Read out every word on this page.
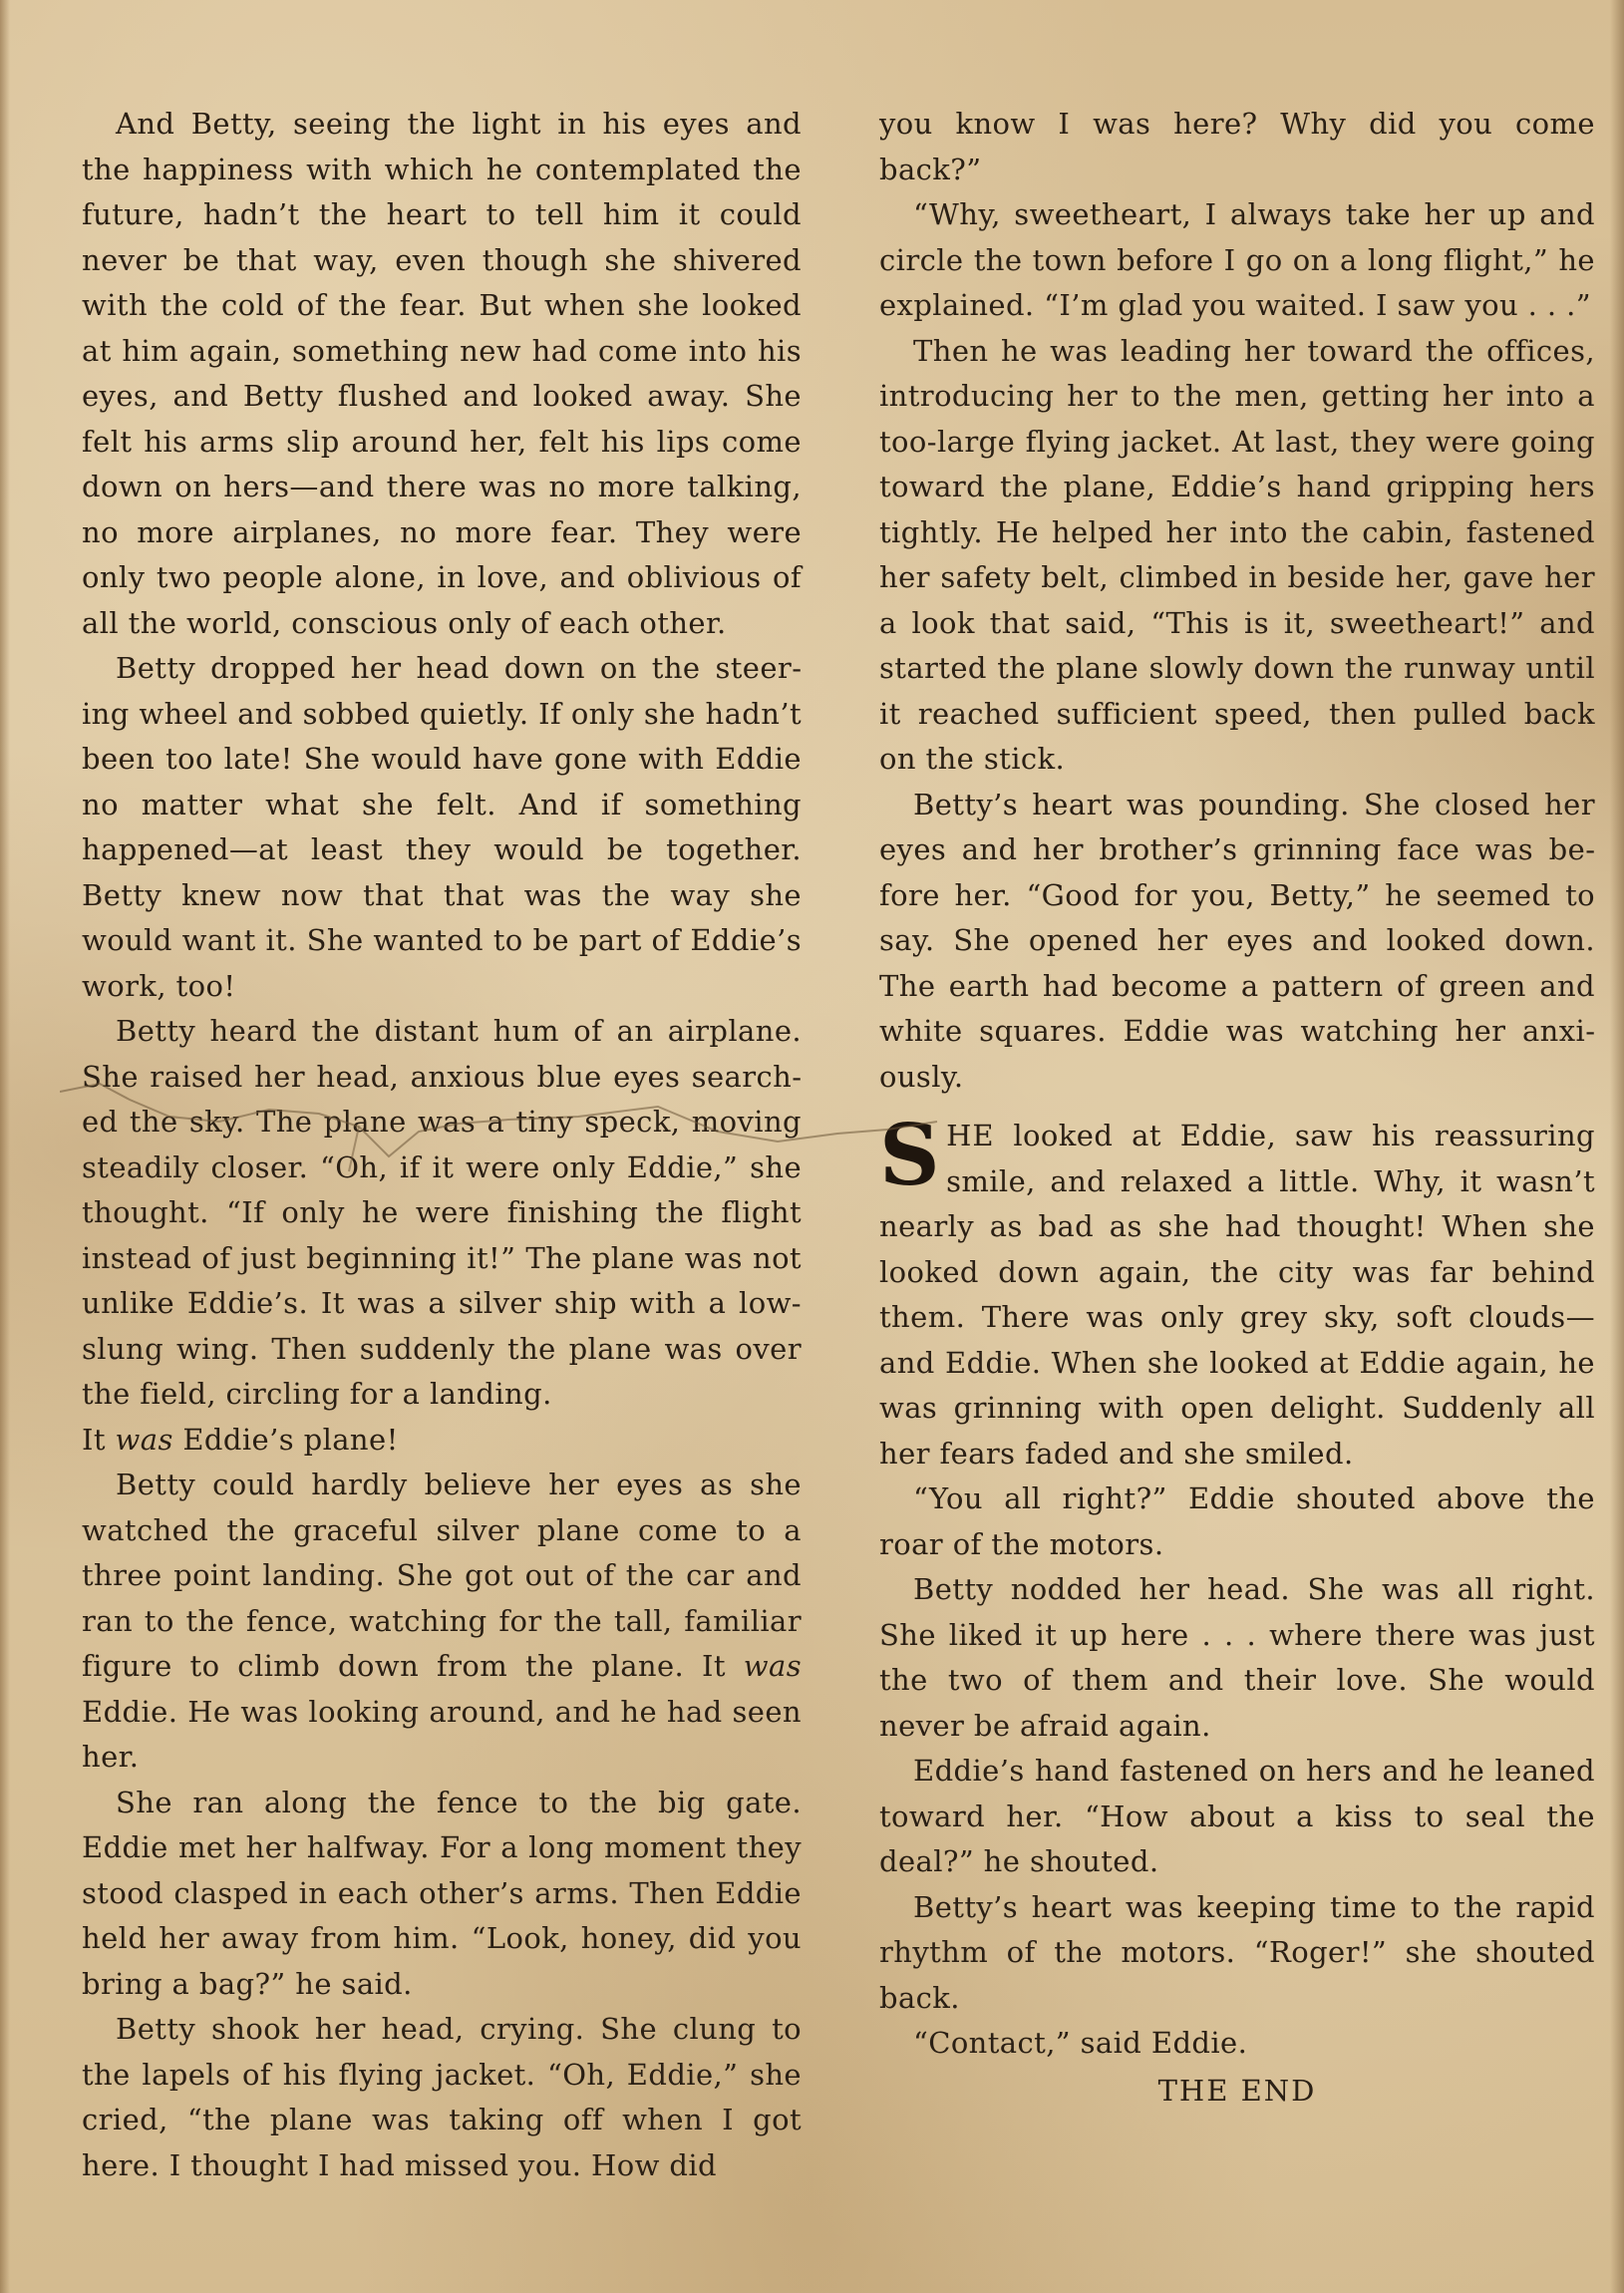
And Betty, seeing the light in his eyes and the happiness with which he contemplated the future, hadn’t the heart to tell him it could never be that way, even though she shivered with the cold of the fear. But when she looked at him again, something new had come into his eyes, and Betty flushed and looked away. She felt his arms slip around her, felt his lips come down on hers—and there was no more talking, no more airplanes, no more fear. They were only two people alone, in love, and oblivious of all the world, conscious only of each other.

Betty dropped her head down on the steering wheel and sobbed quietly. If only she hadn’t been too late! She would have gone with Eddie no matter what she felt. And if something happened—at least they would be together. Betty knew now that that was the way she would want it. She wanted to be part of Eddie’s work, too!

Betty heard the distant hum of an airplane. She raised her head, anxious blue eyes searched the sky. The plane was a tiny speck, moving steadily closer. “Oh, if it were only Eddie,” she thought. “If only he were finishing the flight instead of just beginning it!” The plane was not unlike Eddie’s. It was a silver ship with a low-slung wing. Then suddenly the plane was over the field, circling for a landing.
It was Eddie’s plane!

Betty could hardly believe her eyes as she watched the graceful silver plane come to a three point landing. She got out of the car and ran to the fence, watching for the tall, familiar figure to climb down from the plane. It was Eddie. He was looking around, and he had seen her.

She ran along the fence to the big gate. Eddie met her halfway. For a long moment they stood clasped in each other’s arms. Then Eddie held her away from him. “Look, honey, did you bring a bag?” he said.

Betty shook her head, crying. She clung to the lapels of his flying jacket. “Oh, Eddie,” she cried, “the plane was taking off when I got here. I thought I had missed you. How did

you know I was here? Why did you come back?”

“Why, sweetheart, I always take her up and circle the town before I go on a long flight,” he explained. “I’m glad you waited. I saw you . . .”

Then he was leading her toward the offices, introducing her to the men, getting her into a too-large flying jacket. At last, they were going toward the plane, Eddie’s hand gripping hers tightly. He helped her into the cabin, fastened her safety belt, climbed in beside her, gave her a look that said, “This is it, sweetheart!” and started the plane slowly down the runway until it reached sufficient speed, then pulled back on the stick.

Betty’s heart was pounding. She closed her eyes and her brother’s grinning face was before her. “Good for you, Betty,” he seemed to say. She opened her eyes and looked down. The earth had become a pattern of green and white squares. Eddie was watching her anxiously.

SHE looked at Eddie, saw his reassuring smile, and relaxed a little. Why, it wasn’t nearly as bad as she had thought! When she looked down again, the city was far behind them. There was only grey sky, soft clouds—and Eddie. When she looked at Eddie again, he was grinning with open delight. Suddenly all her fears faded and she smiled.

“You all right?” Eddie shouted above the roar of the motors.

Betty nodded her head. She was all right. She liked it up here . . . where there was just the two of them and their love. She would never be afraid again.

Eddie’s hand fastened on hers and he leaned toward her. “How about a kiss to seal the deal?” he shouted.

Betty’s heart was keeping time to the rapid rhythm of the motors. “Roger!” she shouted back.

“Contact,” said Eddie.

THE END
